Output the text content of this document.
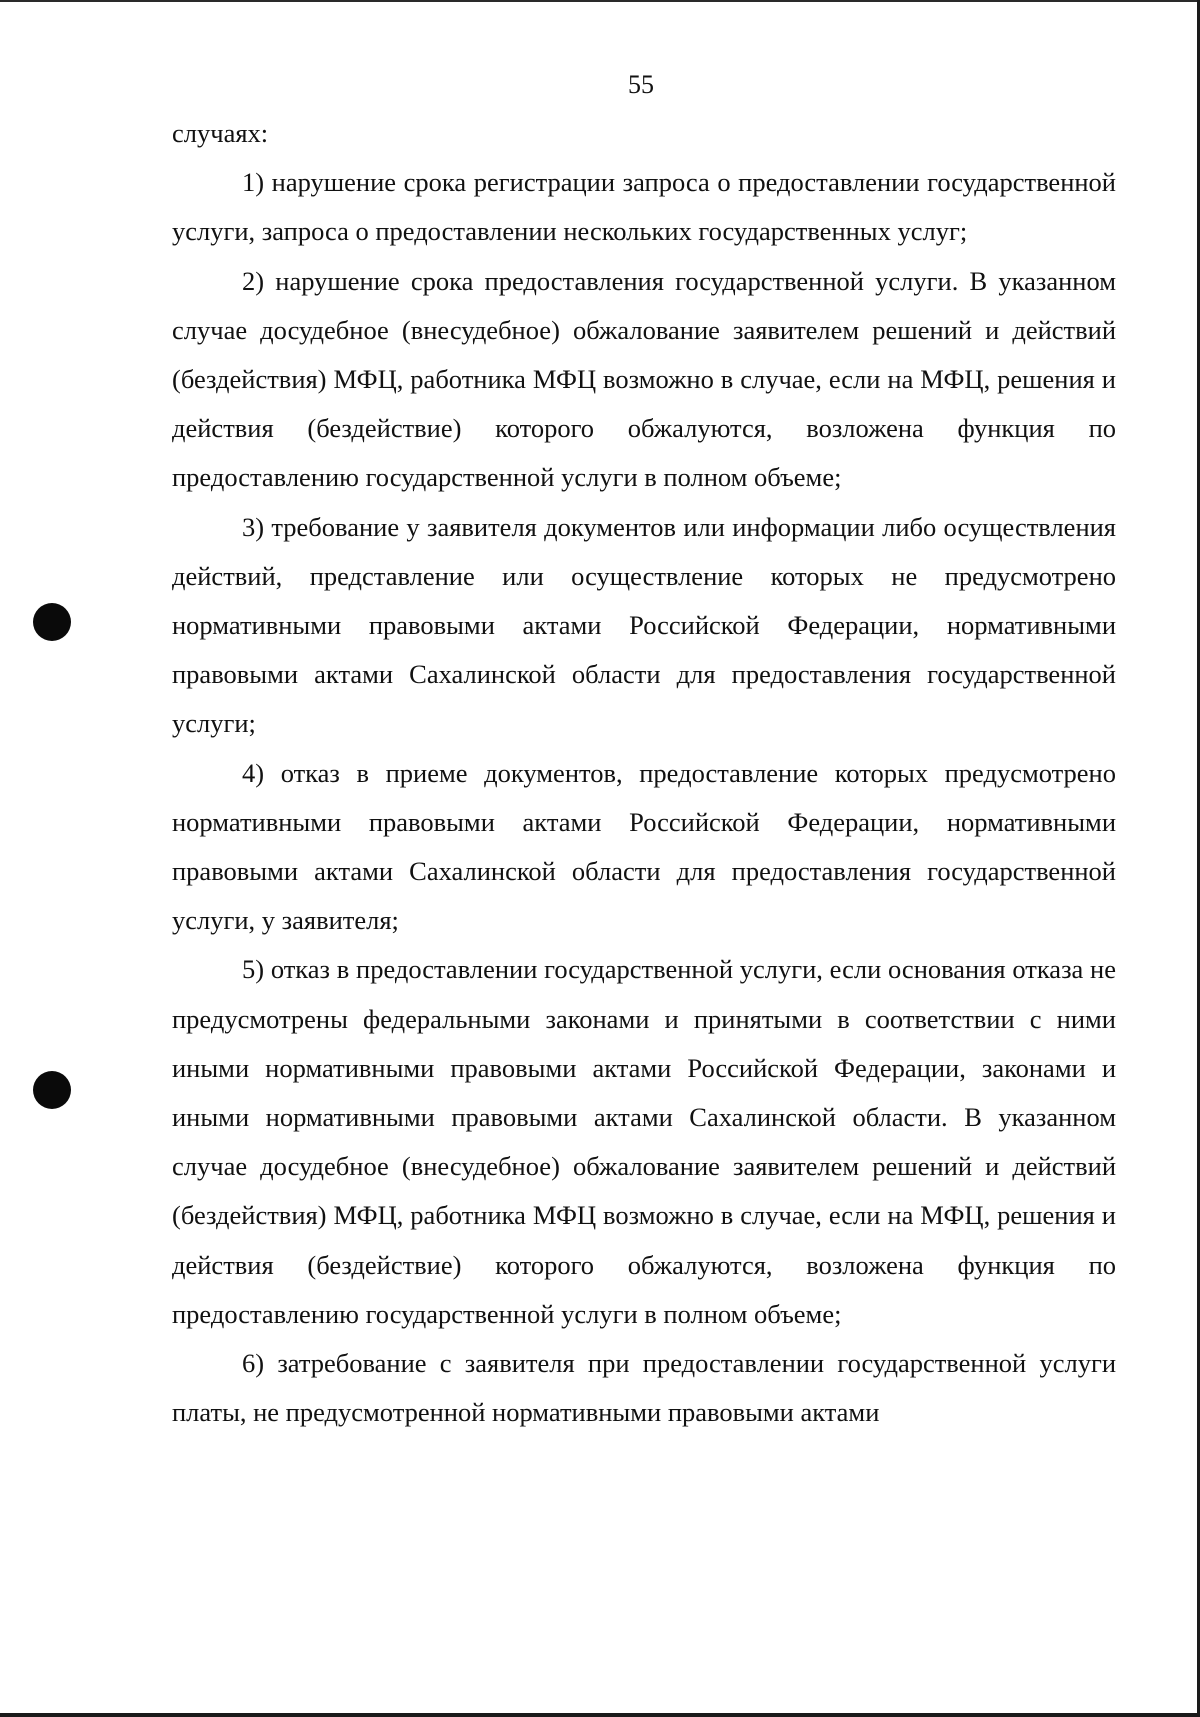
55

случаях:

1) нарушение срока регистрации запроса о предоставлении государственной услуги, запроса о предоставлении нескольких государственных услуг;

2) нарушение срока предоставления государственной услуги. В указанном случае досудебное (внесудебное) обжалование заявителем решений и действий (бездействия) МФЦ, работника МФЦ возможно в случае, если на МФЦ, решения и действия (бездействие) которого обжалуются, возложена функция по предоставлению государственной услуги в полном объеме;

3) требование у заявителя документов или информации либо осуществления действий, представление или осуществление которых не предусмотрено нормативными правовыми актами Российской Федерации, нормативными правовыми актами Сахалинской области для предоставления государственной услуги;

4) отказ в приеме документов, предоставление которых предусмотрено нормативными правовыми актами Российской Федерации, нормативными правовыми актами Сахалинской области для предоставления государственной услуги, у заявителя;

5) отказ в предоставлении государственной услуги, если основания отказа не предусмотрены федеральными законами и принятыми в соответствии с ними иными нормативными правовыми актами Российской Федерации, законами и иными нормативными правовыми актами Сахалинской области. В указанном случае досудебное (внесудебное) обжалование заявителем решений и действий (бездействия) МФЦ, работника МФЦ возможно в случае, если на МФЦ, решения и действия (бездействие) которого обжалуются, возложена функция по предоставлению государственной услуги в полном объеме;

6) затребование с заявителя при предоставлении государственной услуги платы, не предусмотренной нормативными правовыми актами
